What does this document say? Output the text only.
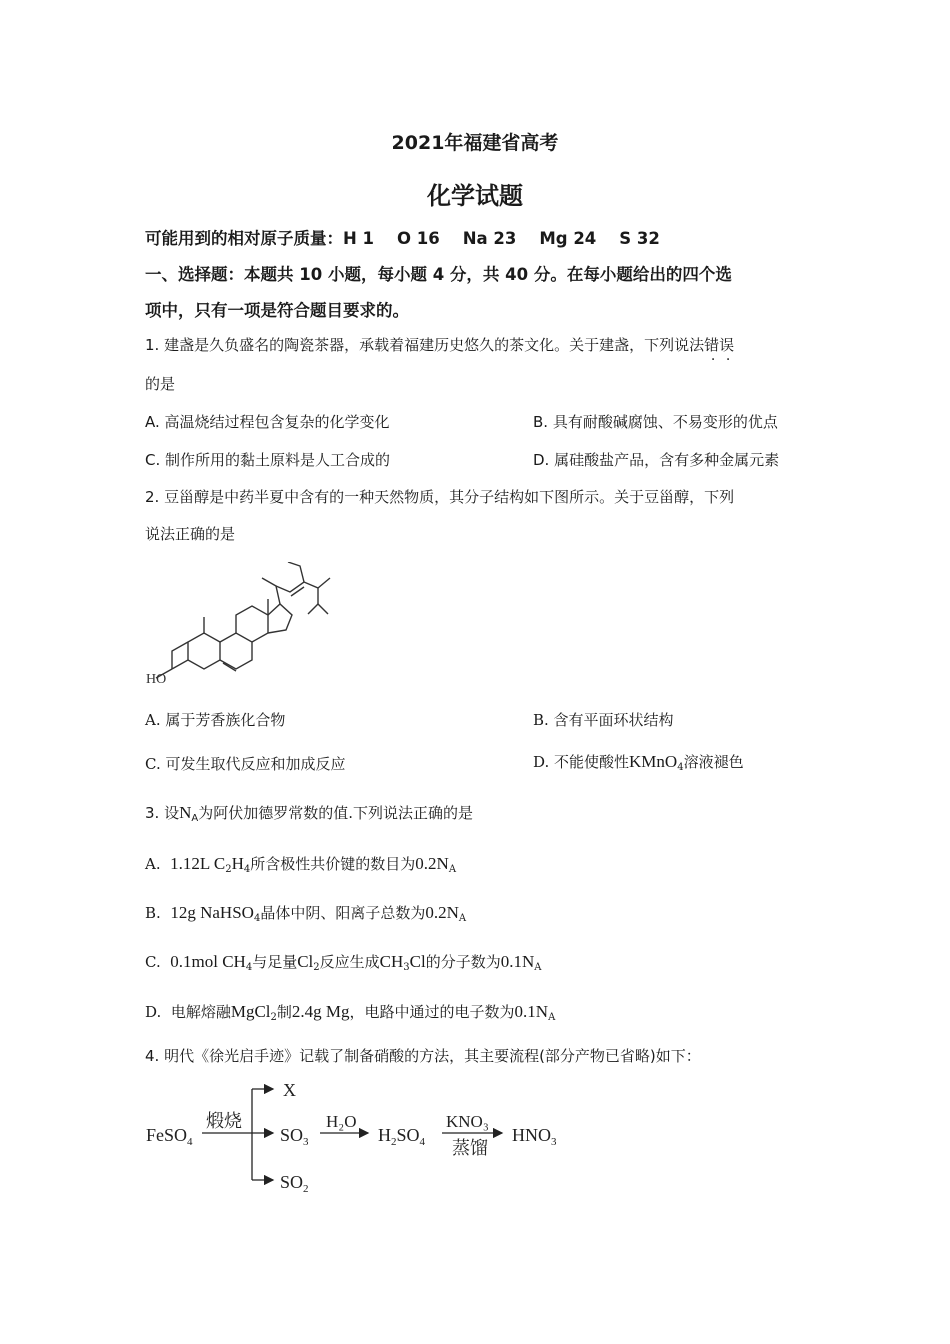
2021年福建省高考
化学试题
可能用到的相对原子质量：H 1    O 16    Na 23    Mg 24    S 32
一、选择题：本题共 10 小题，每小题 4 分，共 40 分。在每小题给出的四个选
项中，只有一项是符合题目要求的。
1. 建盏是久负盛名的陶瓷茶器，承载着福建历史悠久的茶文化。关于建盏，下列说法错误
的是
A. 高温烧结过程包含复杂的化学变化	B. 具有耐酸碱腐蚀、不易变形的优点
C. 制作所用的黏土原料是人工合成的	D. 属硅酸盐产品，含有多种金属元素
2. 豆甾醇是中药半夏中含有的一种天然物质，其分子结构如下图所示。关于豆甾醇，下列
说法正确的是
HO
A. 属于芳香族化合物	B. 含有平面环状结构
C. 可发生取代反应和加成反应	D. 不能使酸性KMnO$_4$溶液褪色
3. 设$N_A$为阿伏加德罗常数的值.下列说法正确的是
A. 1.12L $C_2H_4$所含极性共价键的数目为$0.2N_A$
B. 12g NaHSO$_4$晶体中阴、阳离子总数为$0.2N_A$
C. 0.1mol $CH_4$与足量$Cl_2$反应生成$CH_3Cl$的分子数为$0.1N_A$
D. 电解熔融MgCl$_2$制2.4g Mg，电路中通过的电子数为$0.1N_A$
4. 明代《徐光启手迹》记载了制备硝酸的方法，其主要流程(部分产物已省略)如下：
FeSO$_4$
煅烧
X
$SO_3$
$SO_2$
H₂O
$H_2SO_4$
KNO₃
蒸馏
$HNO_3$
